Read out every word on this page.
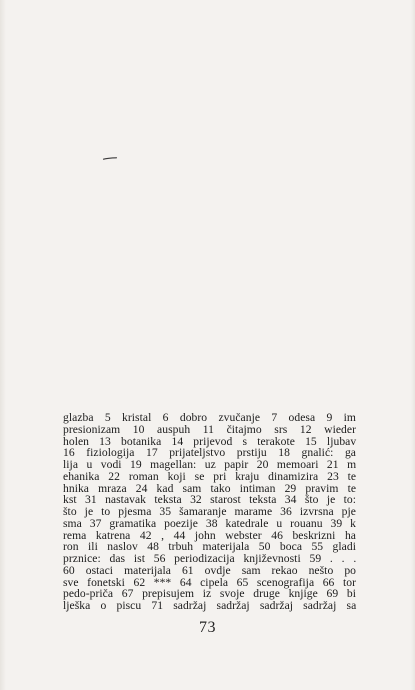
glazba 5 kristal 6 dobro zvučanje 7 odesa 9 im
presionizam 10 auspuh 11 čitajmo srs 12 wieder
holen 13 botanika 14 prijevod s terakote 15 ljubav
16 fiziologija 17 prijateljstvo prstiju 18 gnalić: ga
lija u vodi 19 magellan: uz papir 20 memoari 21 m
ehanika 22 roman koji se pri kraju dinamizira 23 te
hnika mraza 24 kad sam tako intiman 29 pravim te
kst 31 nastavak teksta 32 starost teksta 34 što je to:
što je to pjesma 35 šamaranje marame 36 izvrsna pje
sma 37 gramatika poezije 38 katedrale u rouanu 39 k
rema katrena 42 , 44 john webster 46 beskrizni ha
ron ili naslov 48 trbuh materijala 50 boca 55 gladi
prznice: das ist 56 periodizacija književnosti 59 . . .
60 ostaci materijala 61 ovdje sam rekao nešto po
sve fonetski 62 *** 64 cipela 65 scenografija 66 tor
pedo-priča 67 prepisujem iz svoje druge knjige 69 bi
lješka o piscu 71 sadržaj sadržaj sadržaj sadržaj sa
73
